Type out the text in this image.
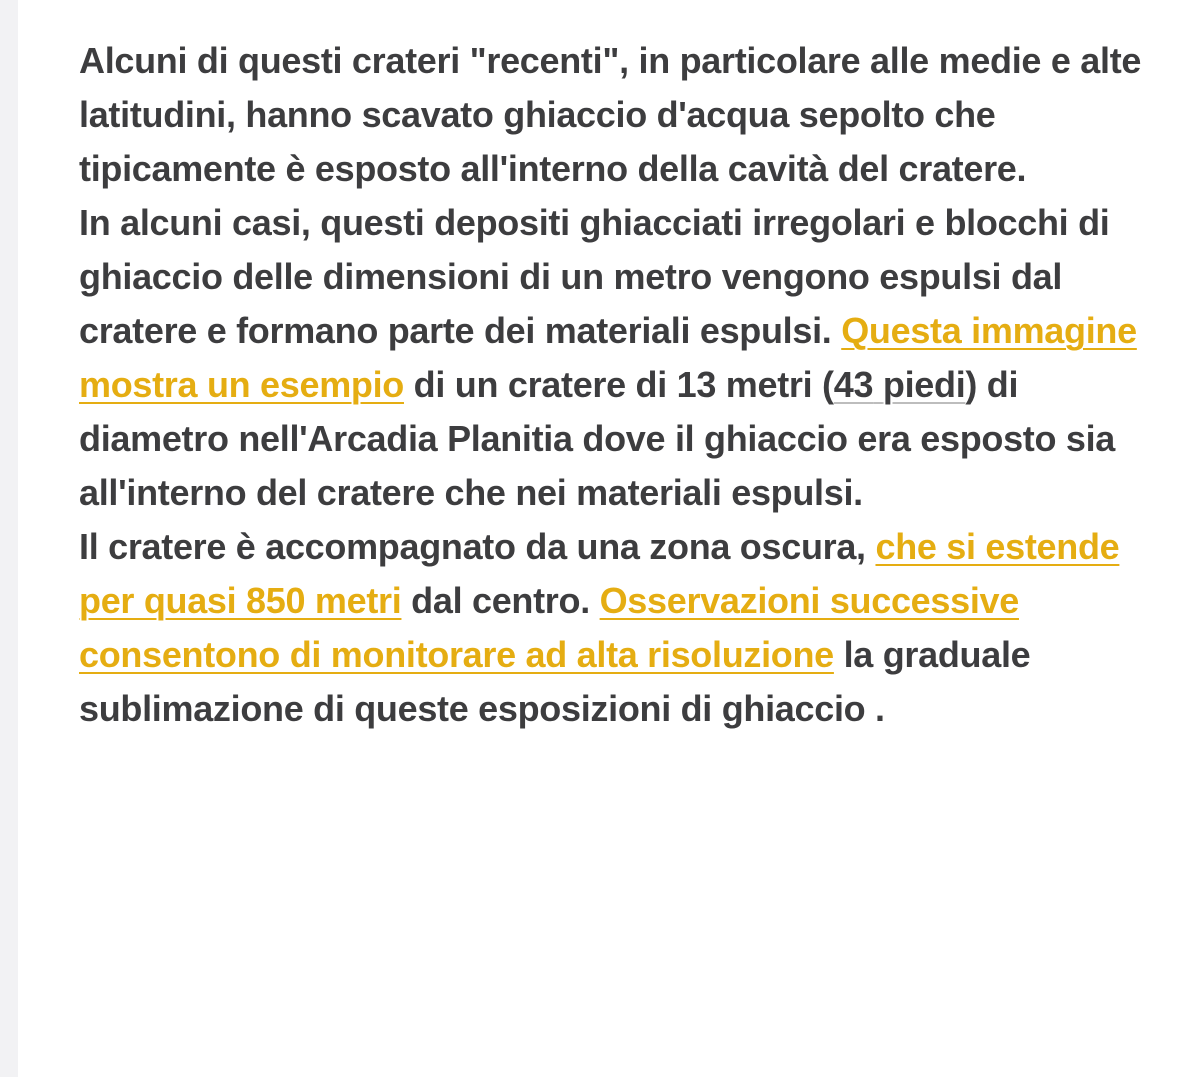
Alcuni di questi crateri "recenti", in particolare alle medie e alte latitudini, hanno scavato ghiaccio d'acqua sepolto che tipicamente è esposto all'interno della cavità del cratere.

In alcuni casi, questi depositi ghiacciati irregolari e blocchi di ghiaccio delle dimensioni di un metro vengono espulsi dal cratere e formano parte dei materiali espulsi. Questa immagine mostra un esempio di un cratere di 13 metri (43 piedi) di diametro nell'Arcadia Planitia dove il ghiaccio era esposto sia all'interno del cratere che nei materiali espulsi.

Il cratere è accompagnato da una zona oscura, che si estende per quasi 850 metri dal centro. Osservazioni successive consentono di monitorare ad alta risoluzione la graduale sublimazione di queste esposizioni di ghiaccio .
